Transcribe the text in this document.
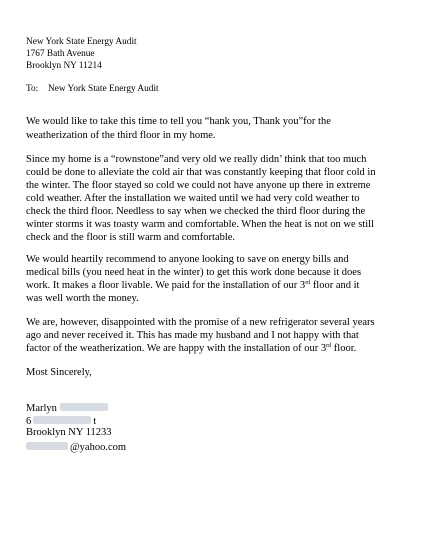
New York State Energy Audit

1767 Bath Avenue

Brooklyn NY 11214

To: New York State Energy Audit

We would like to take this time to tell you “hank you, Thank you”for the

weatherization of the third floor in my home.

Since my home is a “rownstone”and very old we really didn’ think that too much

could be done to alleviate the cold air that was constantly keeping that floor cold in

the winter. The floor stayed so cold we could not have anyone up there in extreme

cold weather. After the installation we waited until we had very cold weather to

check the third floor. Needless to say when we checked the third floor during the

winter storms it was toasty warm and comfortable. When the heat is not on we still

check and the floor is still warm and comfortable.

We would heartily recommend to anyone looking to save on energy bills and

medical bills (you need heat in the winter) to get this work done because it does

work. It makes a floor livable. We paid for the installation of our 3rd floor and it

was well worth the money.

We are, however, disappointed with the promise of a new refrigerator several years

ago and never received it. This has made my husband and I not happy with that

factor of the weatherization. We are happy with the installation of our 3rd floor.

Most Sincerely,

Marlyn

6	t

Brooklyn NY 11233

@yahoo.com
